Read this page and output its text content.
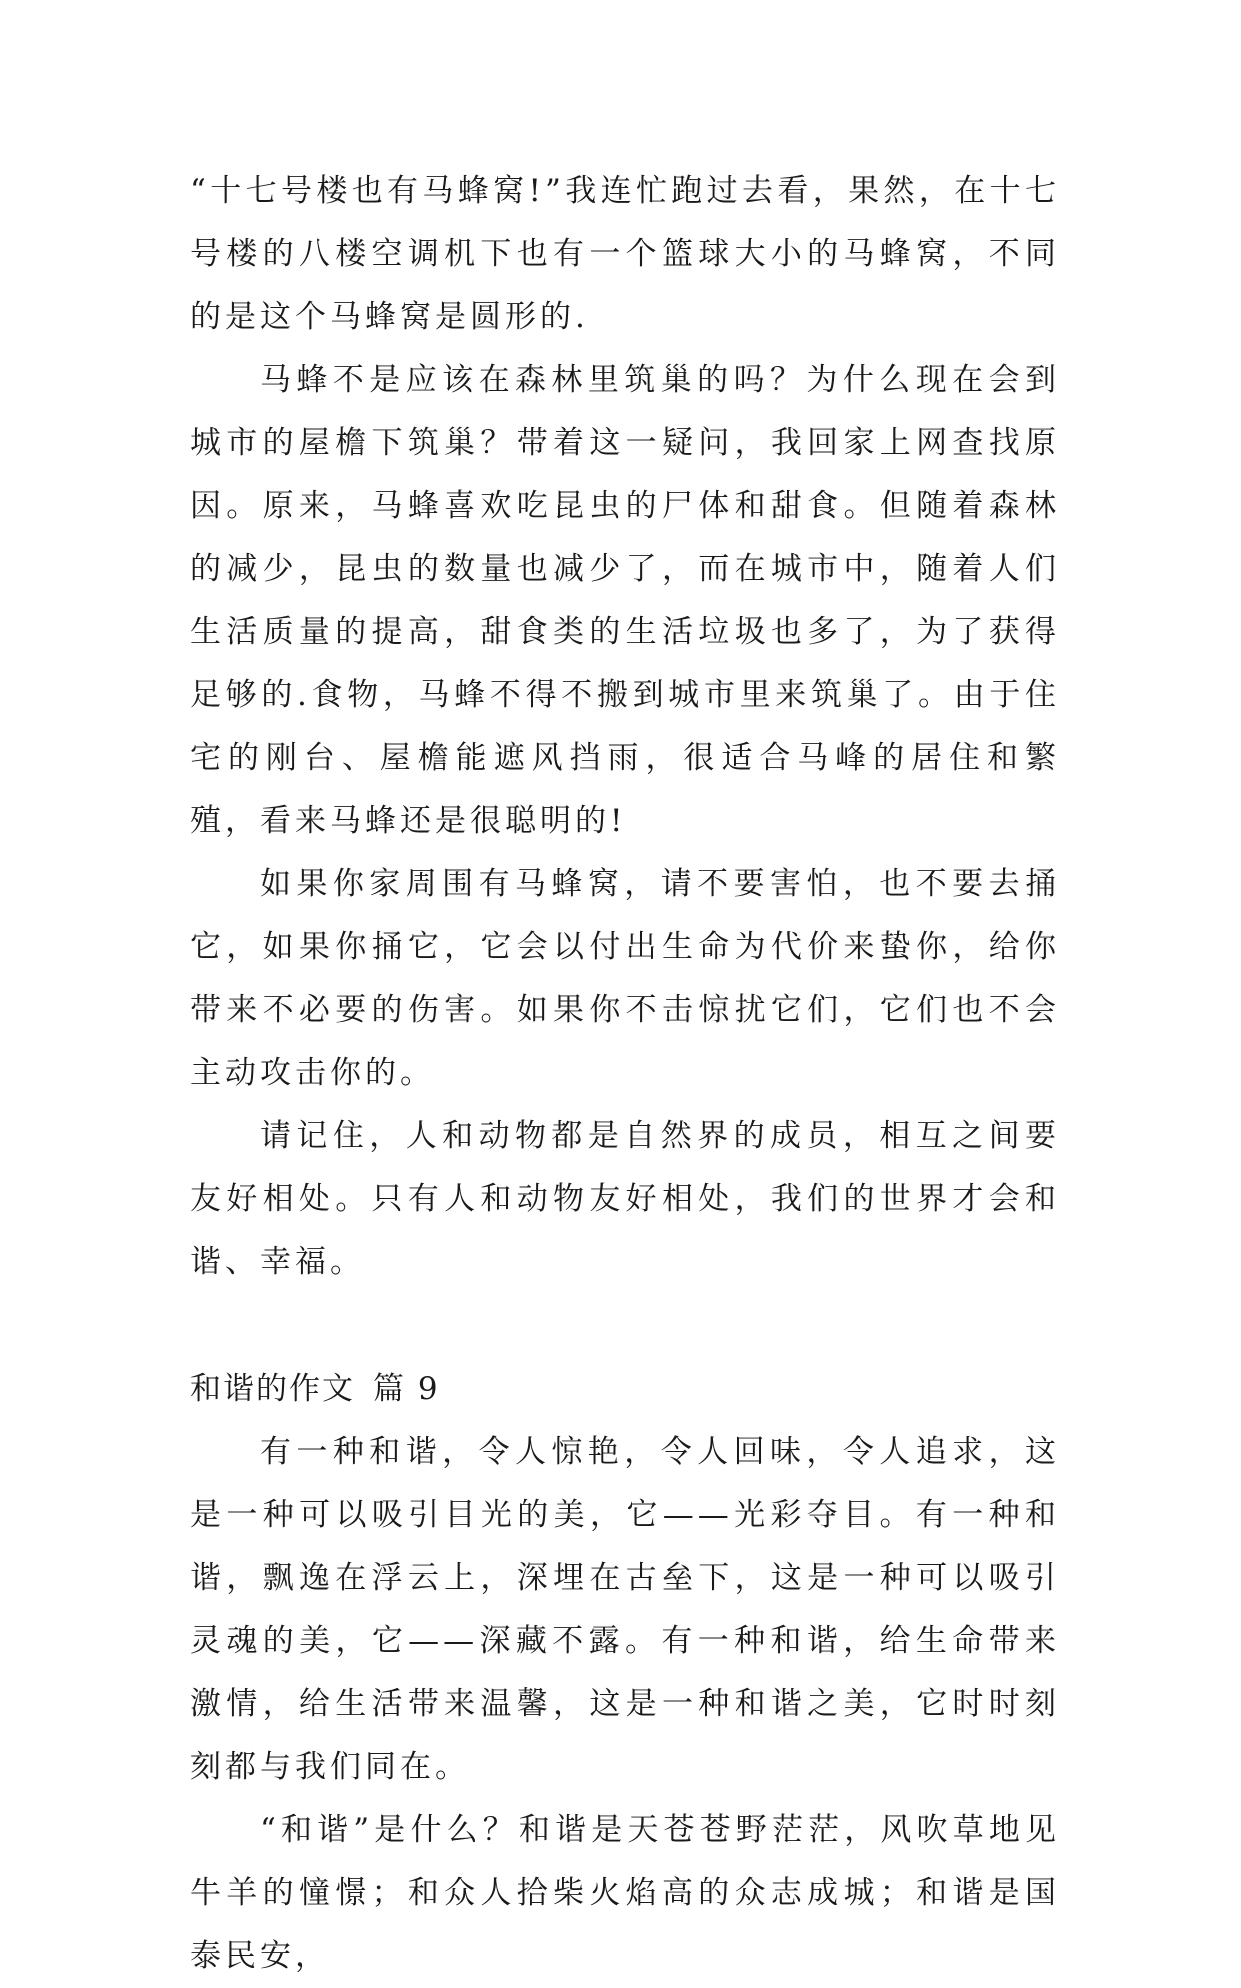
“十七号楼也有马蜂窝!”我连忙跑过去看，果然，在十七号楼的八楼空调机下也有一个篮球大小的马蜂窝，不同的是这个马蜂窝是圆形的.

马蜂不是应该在森林里筑巢的吗？为什么现在会到城市的屋檐下筑巢？带着这一疑问，我回家上网查找原因。原来，马蜂喜欢吃昆虫的尸体和甜食。但随着森林的减少，昆虫的数量也减少了，而在城市中，随着人们生活质量的提高，甜食类的生活垃圾也多了，为了获得足够的.食物，马蜂不得不搬到城市里来筑巢了。由于住宅的刚台、屋檐能遮风挡雨，很适合马峰的居住和繁殖，看来马蜂还是很聪明的!

如果你家周围有马蜂窝，请不要害怕，也不要去捅它，如果你捅它，它会以付出生命为代价来蛰你，给你带来不必要的伤害。如果你不击惊扰它们，它们也不会主动攻击你的。

请记住，人和动物都是自然界的成员，相互之间要友好相处。只有人和动物友好相处，我们的世界才会和谐、幸福。

和谐的作文 篇 9

有一种和谐，令人惊艳，令人回味，令人追求，这是一种可以吸引目光的美，它——光彩夺目。有一种和谐，飘逸在浮云上，深埋在古垒下，这是一种可以吸引灵魂的美，它——深藏不露。有一种和谐，给生命带来激情，给生活带来温馨，这是一种和谐之美，它时时刻刻都与我们同在。

“和谐”是什么？和谐是天苍苍野茫茫，风吹草地见牛羊的憧憬；和众人拾柴火焰高的众志成城；和谐是国泰民安，
